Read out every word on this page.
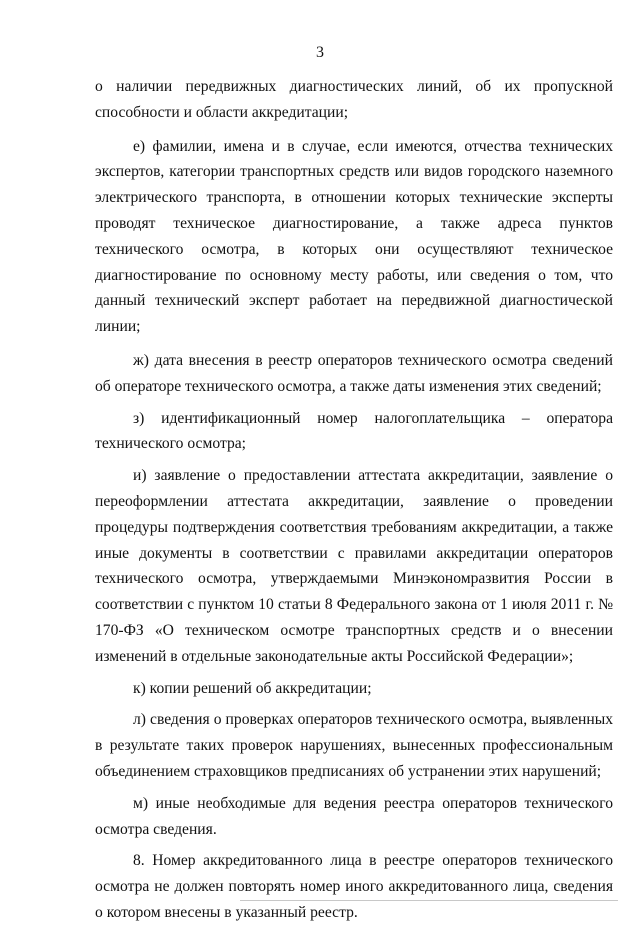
3

о наличии передвижных диагностических линий, об их пропускной способности и области аккредитации;

е) фамилии, имена и в случае, если имеются, отчества технических экспертов, категории транспортных средств или видов городского наземного электрического транспорта, в отношении которых технические эксперты проводят техническое диагностирование, а также адреса пунктов технического осмотра, в которых они осуществляют техническое диагностирование по основному месту работы, или сведения о том, что данный технический эксперт работает на передвижной диагностической линии;

ж) дата внесения в реестр операторов технического осмотра сведений об операторе технического осмотра, а также даты изменения этих сведений;

з) идентификационный номер налогоплательщика – оператора технического осмотра;

и) заявление о предоставлении аттестата аккредитации, заявление о переоформлении аттестата аккредитации, заявление о проведении процедуры подтверждения соответствия требованиям аккредитации, а также иные документы в соответствии с правилами аккредитации операторов технического осмотра, утверждаемыми Минэкономразвития России в соответствии с пунктом 10 статьи 8 Федерального закона от 1 июля 2011 г. № 170-ФЗ «О техническом осмотре транспортных средств и о внесении изменений в отдельные законодательные акты Российской Федерации»;

к) копии решений об аккредитации;

л) сведения о проверках операторов технического осмотра, выявленных в результате таких проверок нарушениях, вынесенных профессиональным объединением страховщиков предписаниях об устранении этих нарушений;

м) иные необходимые для ведения реестра операторов технического осмотра сведения.

8. Номер аккредитованного лица в реестре операторов технического осмотра не должен повторять номер иного аккредитованного лица, сведения о котором внесены в указанный реестр.
